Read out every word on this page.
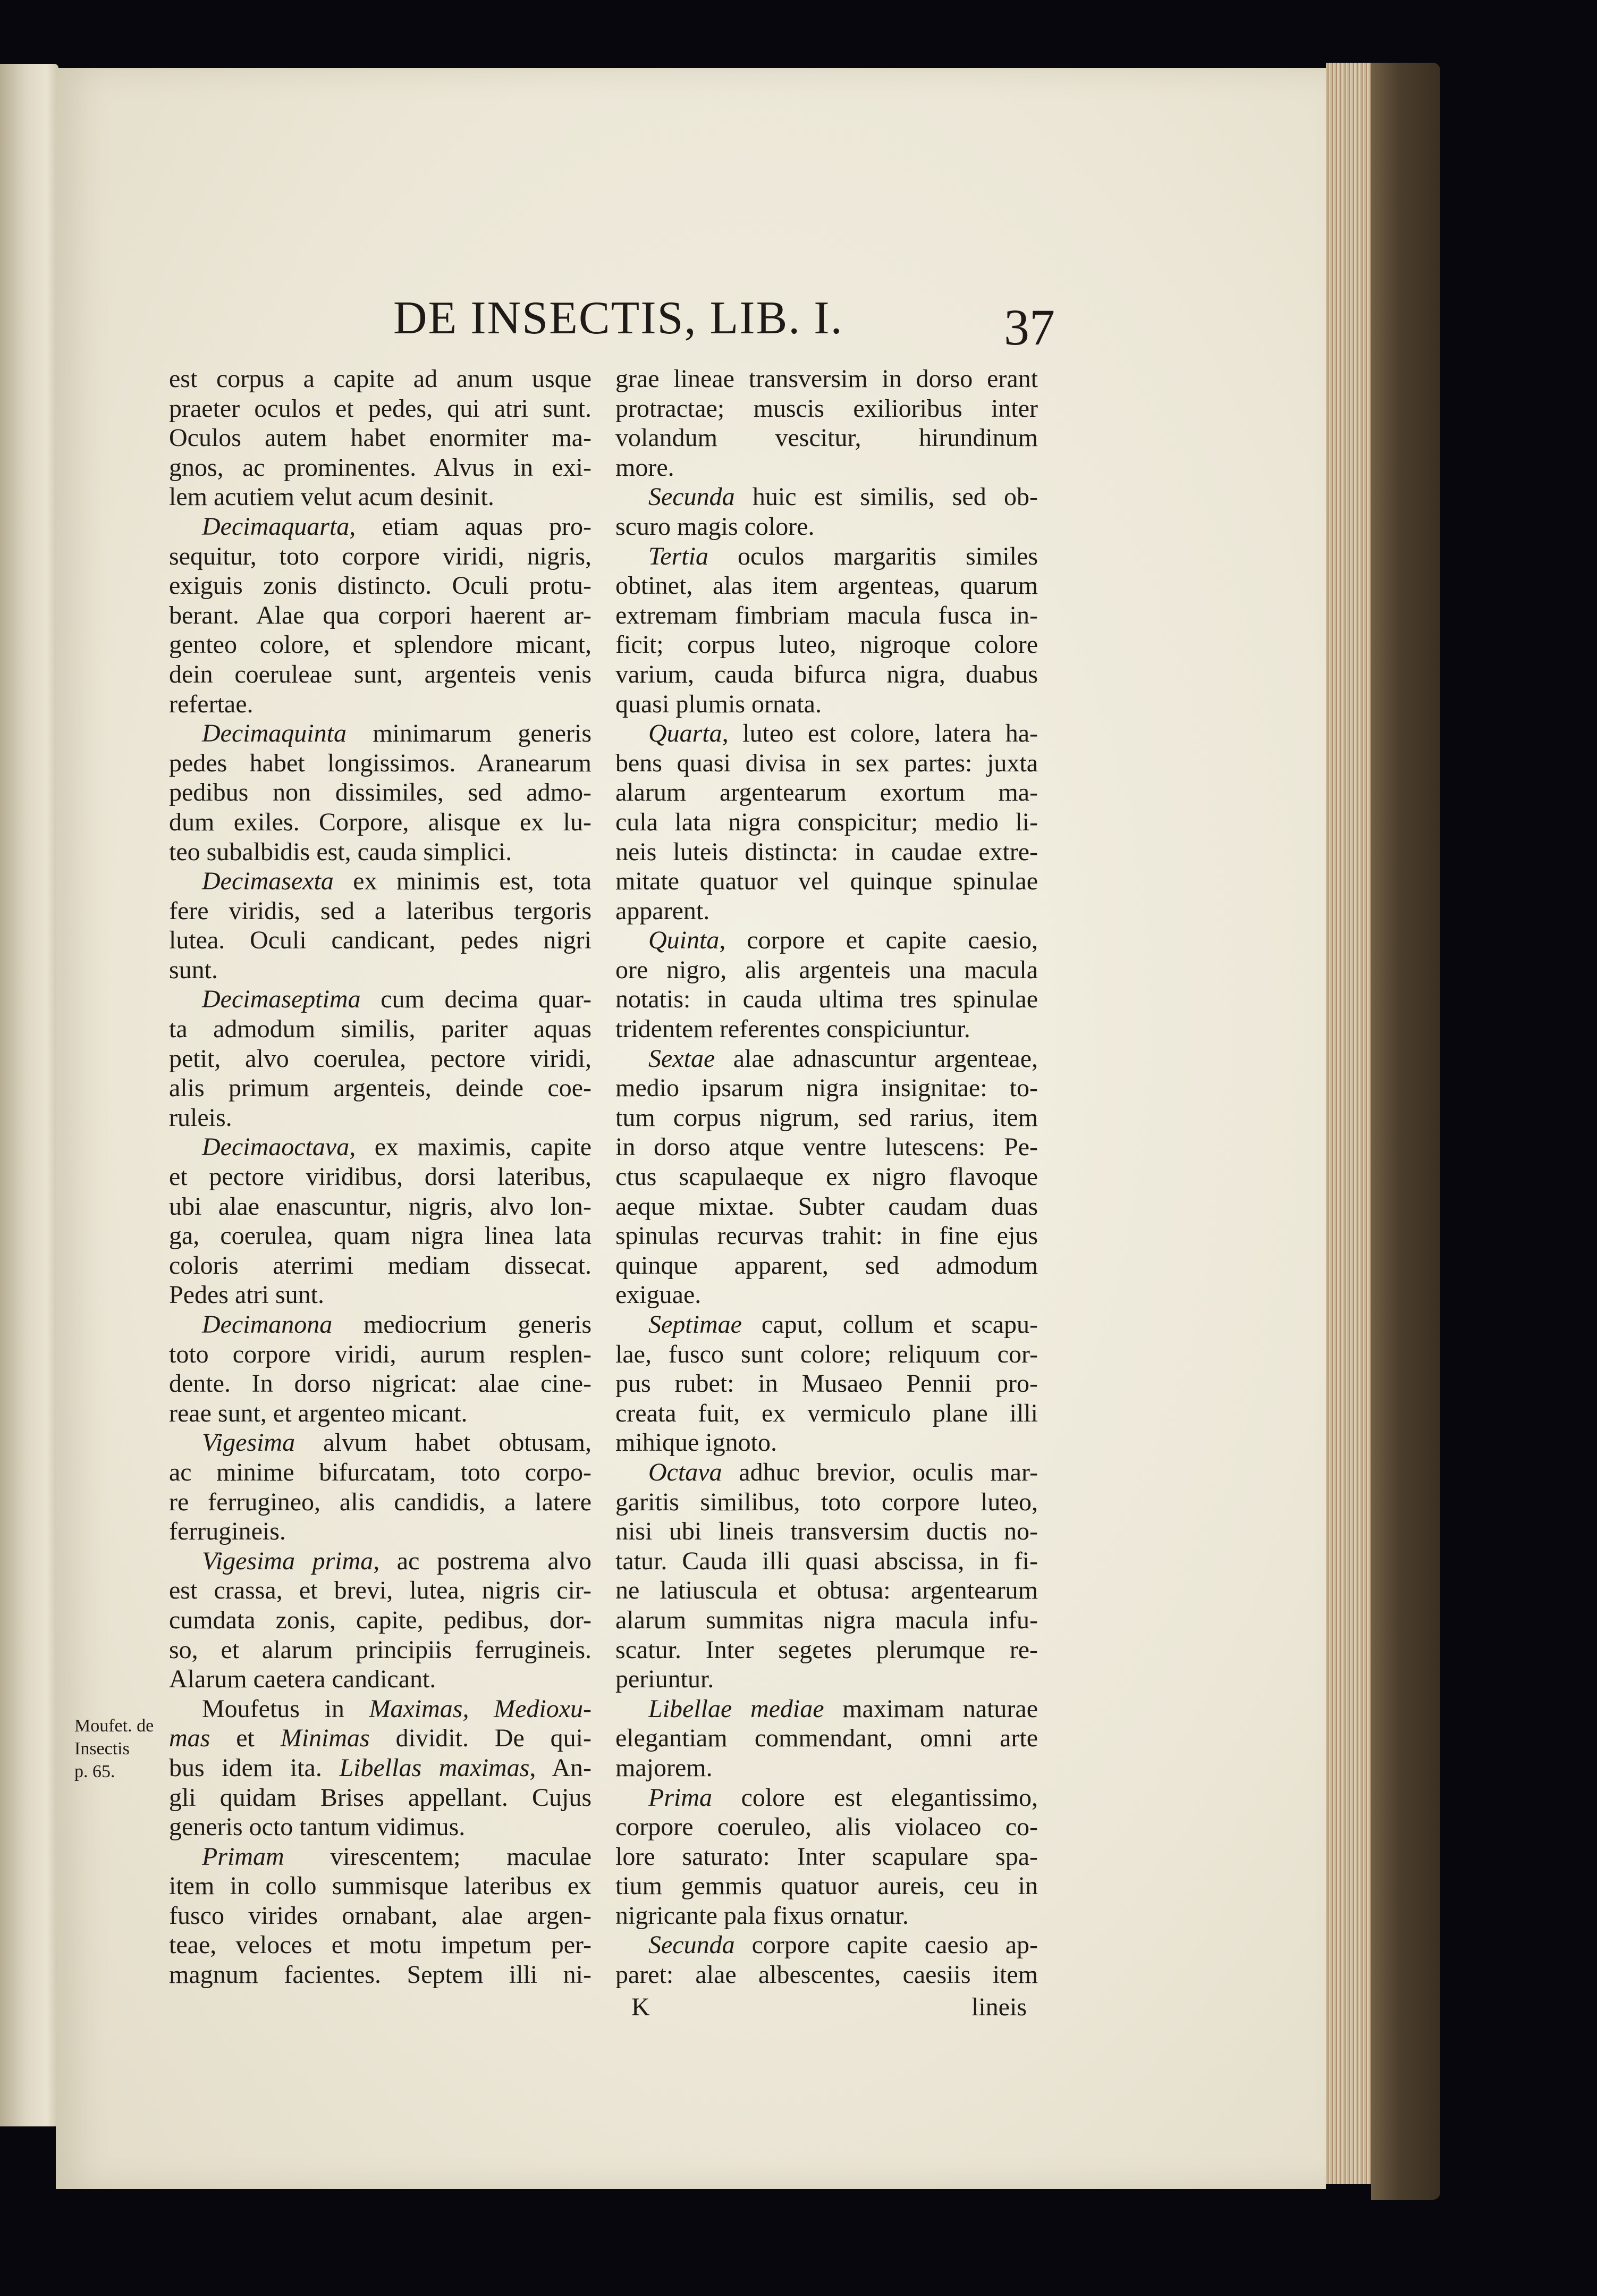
DE INSECTIS, LIB. I.	37
est corpus a capite ad anum usque
praeter oculos et pedes, qui atri sunt.
Oculos autem habet enormiter ma-
gnos, ac prominentes. Alvus in exi-
lem acutiem velut acum desinit.
Decimaquarta, etiam aquas pro-
sequitur, toto corpore viridi, nigris,
exiguis zonis distincto. Oculi protu-
berant. Alae qua corpori haerent ar-
genteo colore, et splendore micant,
dein coeruleae sunt, argenteis venis
refertae.
Decimaquinta minimarum generis
pedes habet longissimos. Aranearum
pedibus non dissimiles, sed admo-
dum exiles. Corpore, alisque ex lu-
teo subalbidis est, cauda simplici.
Decimasexta ex minimis est, tota
fere viridis, sed a lateribus tergoris
lutea. Oculi candicant, pedes nigri
sunt.
Decimaseptima cum decima quar-
ta admodum similis, pariter aquas
petit, alvo coerulea, pectore viridi,
alis primum argenteis, deinde coe-
ruleis.
Decimaoctava, ex maximis, capite
et pectore viridibus, dorsi lateribus,
ubi alae enascuntur, nigris, alvo lon-
ga, coerulea, quam nigra linea lata
coloris aterrimi mediam dissecat.
Pedes atri sunt.
Decimanona mediocrium generis
toto corpore viridi, aurum resplen-
dente. In dorso nigricat: alae cine-
reae sunt, et argenteo micant.
Vigesima alvum habet obtusam,
ac minime bifurcatam, toto corpo-
re ferrugineo, alis candidis, a latere
ferrugineis.
Vigesima prima, ac postrema alvo
est crassa, et brevi, lutea, nigris cir-
cumdata zonis, capite, pedibus, dor-
so, et alarum principiis ferrugineis.
Alarum caetera candicant.
Moufetus in Maximas, Medioxu-
mas et Minimas dividit. De qui-
bus idem ita. Libellas maximas, An-
gli quidam Brises appellant. Cujus
generis octo tantum vidimus.
Primam virescentem; maculae
item in collo summisque lateribus ex
fusco virides ornabant, alae argen-
teae, veloces et motu impetum per-
magnum facientes. Septem illi ni-
grae lineae transversim in dorso erant
protractae; muscis exilioribus inter
volandum vescitur, hirundinum
more.
Secunda huic est similis, sed ob-
scuro magis colore.
Tertia oculos margaritis similes
obtinet, alas item argenteas, quarum
extremam fimbriam macula fusca in-
ficit; corpus luteo, nigroque colore
varium, cauda bifurca nigra, duabus
quasi plumis ornata.
Quarta, luteo est colore, latera ha-
bens quasi divisa in sex partes: juxta
alarum argentearum exortum ma-
cula lata nigra conspicitur; medio li-
neis luteis distincta: in caudae extre-
mitate quatuor vel quinque spinulae
apparent.
Quinta, corpore et capite caesio,
ore nigro, alis argenteis una macula
notatis: in cauda ultima tres spinulae
tridentem referentes conspiciuntur.
Sextae alae adnascuntur argenteae,
medio ipsarum nigra insignitae: to-
tum corpus nigrum, sed rarius, item
in dorso atque ventre lutescens: Pe-
ctus scapulaeque ex nigro flavoque
aeque mixtae. Subter caudam duas
spinulas recurvas trahit: in fine ejus
quinque apparent, sed admodum
exiguae.
Septimae caput, collum et scapu-
lae, fusco sunt colore; reliquum cor-
pus rubet: in Musaeo Pennii pro-
creata fuit, ex vermiculo plane illi
mihique ignoto.
Octava adhuc brevior, oculis mar-
garitis similibus, toto corpore luteo,
nisi ubi lineis transversim ductis no-
tatur. Cauda illi quasi abscissa, in fi-
ne latiuscula et obtusa: argentearum
alarum summitas nigra macula infu-
scatur. Inter segetes plerumque re-
periuntur.
Libellae mediae maximam naturae
elegantiam commendant, omni arte
majorem.
Prima colore est elegantissimo,
corpore coeruleo, alis violaceo co-
lore saturato: Inter scapulare spa-
tium gemmis quatuor aureis, ceu in
nigricante pala fixus ornatur.
Secunda corpore capite caesio ap-
paret: alae albescentes, caesiis item
Moufet. de
Insectis
p. 65.
K	lineis
